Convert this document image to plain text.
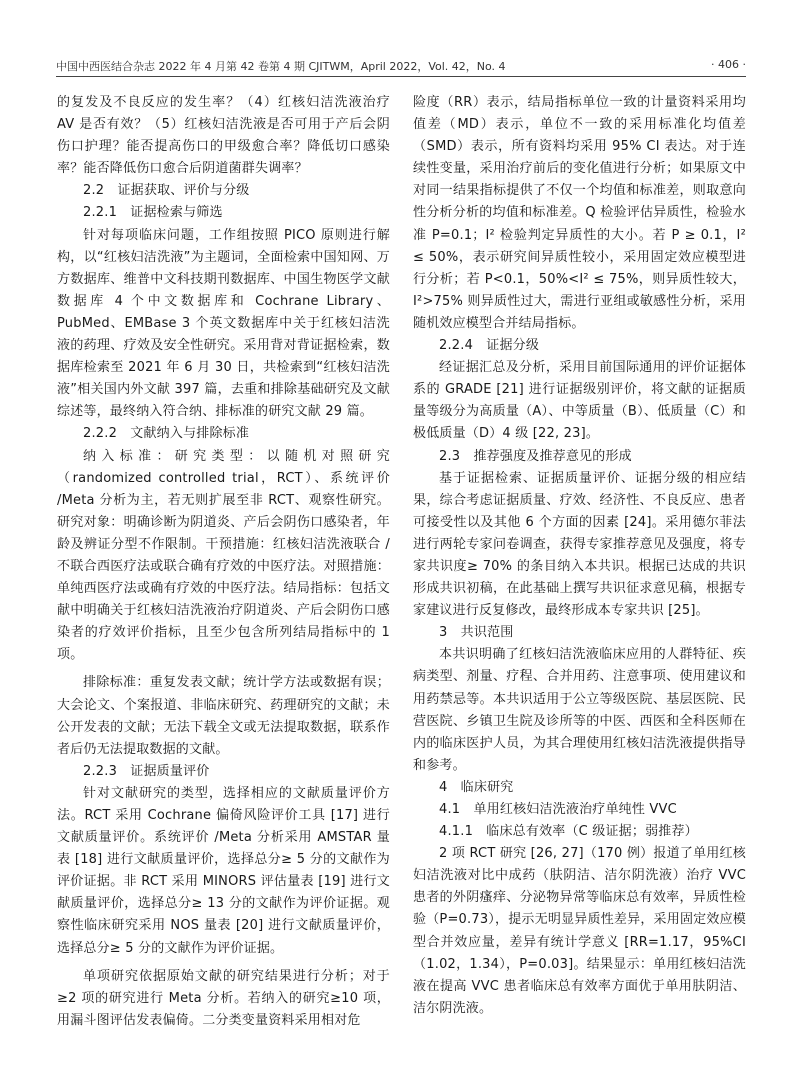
中国中西医结合杂志 2022 年 4 月第 42 卷第 4 期 CJITWM，April 2022，Vol. 42，No. 4	· 406 ·

的复发及不良反应的发生率？（4）红核妇洁洗液治疗 AV 是否有效？（5）红核妇洁洗液是否可用于产后会阴伤口护理？能否提高伤口的甲级愈合率？降低切口感染率？能否降低伤口愈合后阴道菌群失调率？

2.2　证据获取、评价与分级

2.2.1　证据检索与筛选

针对每项临床问题，工作组按照 PICO 原则进行解构，以“红核妇洁洗液”为主题词，全面检索中国知网、万方数据库、维普中文科技期刊数据库、中国生物医学文献数据库 4 个中文数据库和 Cochrane Library、PubMed、EMBase 3 个英文数据库中关于红核妇洁洗液的药理、疗效及安全性研究。采用背对背证据检索，数据库检索至 2021 年 6 月 30 日，共检索到“红核妇洁洗液”相关国内外文献 397 篇，去重和排除基础研究及文献综述等，最终纳入符合纳、排标准的研究文献 29 篇。

2.2.2　文献纳入与排除标准

纳入标准：研究类型：以随机对照研究（randomized controlled trial，RCT）、系统评价 /Meta 分析为主，若无则扩展至非 RCT、观察性研究。研究对象：明确诊断为阴道炎、产后会阴伤口感染者，年龄及辨证分型不作限制。干预措施：红核妇洁洗液联合 / 不联合西医疗法或联合确有疗效的中医疗法。对照措施：单纯西医疗法或确有疗效的中医疗法。结局指标：包括文献中明确关于红核妇洁洗液治疗阴道炎、产后会阴伤口感染者的疗效评价指标，且至少包含所列结局指标中的 1 项。

排除标准：重复发表文献；统计学方法或数据有误；大会论文、个案报道、非临床研究、药理研究的文献；未公开发表的文献；无法下载全文或无法提取数据，联系作者后仍无法提取数据的文献。

2.2.3　证据质量评价

针对文献研究的类型，选择相应的文献质量评价方法。RCT 采用 Cochrane 偏倚风险评价工具 [17] 进行文献质量评价。系统评价 /Meta 分析采用 AMSTAR 量表 [18] 进行文献质量评价，选择总分≥ 5 分的文献作为评价证据。非 RCT 采用 MINORS 评估量表 [19] 进行文献质量评价，选择总分≥ 13 分的文献作为评价证据。观察性临床研究采用 NOS 量表 [20] 进行文献质量评价，选择总分≥ 5 分的文献作为评价证据。

单项研究依据原始文献的研究结果进行分析；对于≥2 项的研究进行 Meta 分析。若纳入的研究≥10 项，用漏斗图评估发表偏倚。二分类变量资料采用相对危

险度（RR）表示，结局指标单位一致的计量资料采用均值差（MD）表示，单位不一致的采用标准化均值差（SMD）表示，所有资料均采用 95% CI 表达。对于连续性变量，采用治疗前后的变化值进行分析；如果原文中对同一结果指标提供了不仅一个均值和标准差，则取意向性分析分析的均值和标准差。Q 检验评估异质性，检验水准 P=0.1；I² 检验判定异质性的大小。若 P ≥ 0.1，I² ≤ 50%，表示研究间异质性较小，采用固定效应模型进行分析；若 P<0.1，50%<I² ≤ 75%，则异质性较大，I²>75% 则异质性过大，需进行亚组或敏感性分析，采用随机效应模型合并结局指标。

2.2.4　证据分级

经证据汇总及分析，采用目前国际通用的评价证据体系的 GRADE [21] 进行证据级别评价，将文献的证据质量等级分为高质量（A）、中等质量（B）、低质量（C）和极低质量（D）4 级 [22, 23]。

2.3　推荐强度及推荐意见的形成

基于证据检索、证据质量评价、证据分级的相应结果，综合考虑证据质量、疗效、经济性、不良反应、患者可接受性以及其他 6 个方面的因素 [24]。采用德尔菲法进行两轮专家问卷调查，获得专家推荐意见及强度，将专家共识度≥ 70% 的条目纳入本共识。根据已达成的共识形成共识初稿，在此基础上撰写共识征求意见稿，根据专家建议进行反复修改，最终形成本专家共识 [25]。

3　共识范围

本共识明确了红核妇洁洗液临床应用的人群特征、疾病类型、剂量、疗程、合并用药、注意事项、使用建议和用药禁忌等。本共识适用于公立等级医院、基层医院、民营医院、乡镇卫生院及诊所等的中医、西医和全科医师在内的临床医护人员，为其合理使用红核妇洁洗液提供指导和参考。

4　临床研究

4.1　单用红核妇洁洗液治疗单纯性 VVC

4.1.1　临床总有效率（C 级证据；弱推荐）

2 项 RCT 研究 [26, 27]（170 例）报道了单用红核妇洁洗液对比中成药（肤阴洁、洁尔阴洗液）治疗 VVC 患者的外阴瘙痒、分泌物异常等临床总有效率，异质性检验（P=0.73），提示无明显异质性差异，采用固定效应模型合并效应量，差异有统计学意义 [RR=1.17，95%CI（1.02，1.34），P=0.03]。结果显示：单用红核妇洁洗液在提高 VVC 患者临床总有效率方面优于单用肤阴洁、洁尔阴洗液。
